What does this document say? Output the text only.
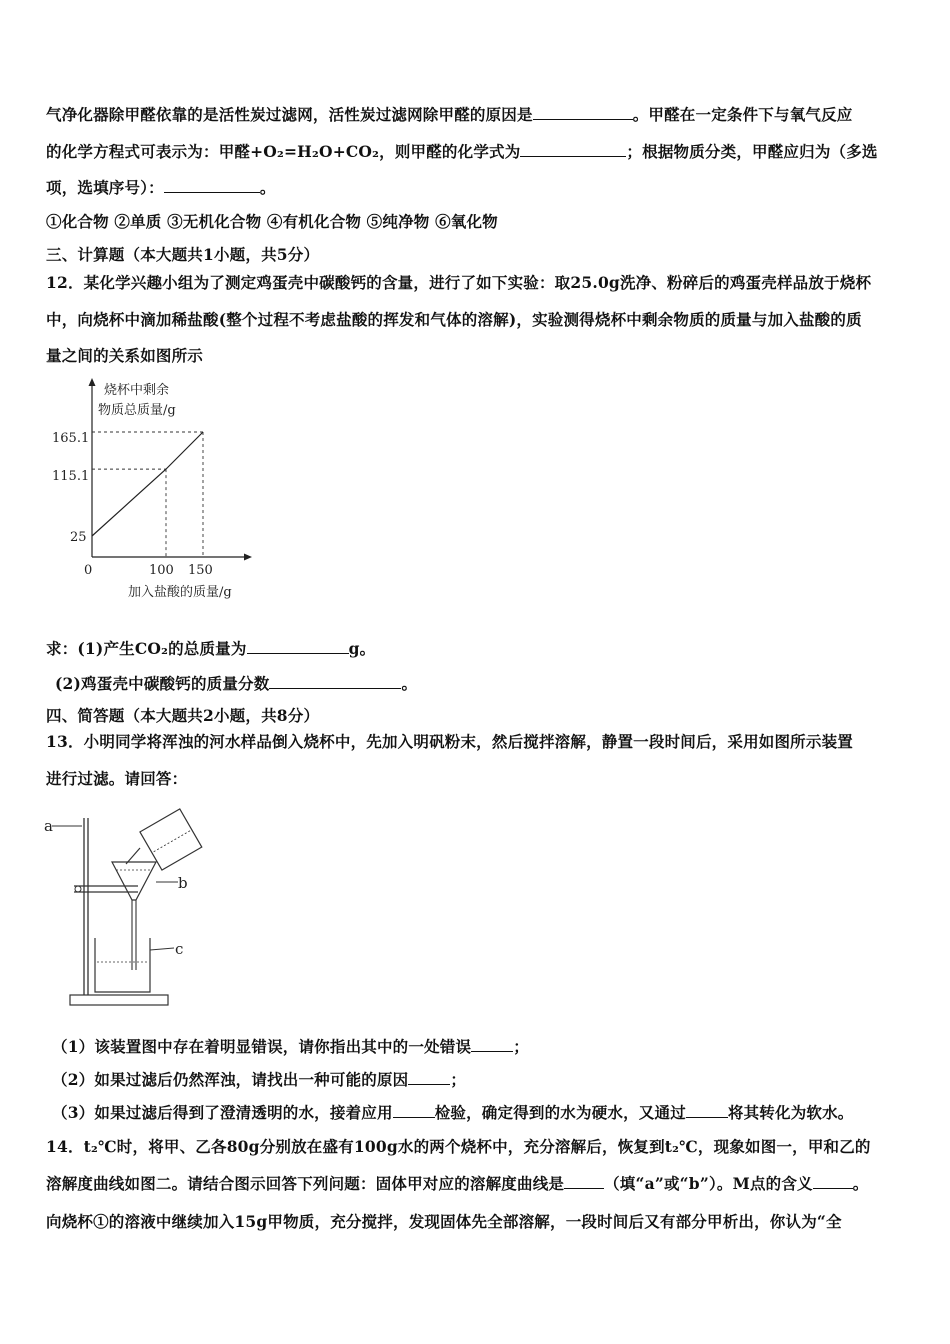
气净化器除甲醛依靠的是活性炭过滤网，活性炭过滤网除甲醛的原因是	。甲醛在一定条件下与氧气反应
的化学方程式可表示为：甲醛+O₂=H₂O+CO₂，则甲醛的化学式为	；根据物质分类，甲醛应归为（多选
项，选填序号）：	。
①化合物 ②单质 ③无机化合物 ④有机化合物 ⑤纯净物 ⑥氧化物
三、计算题（本大题共1小题，共5分）
12．某化学兴趣小组为了测定鸡蛋壳中碳酸钙的含量，进行了如下实验：取25.0g洗净、粉碎后的鸡蛋壳样品放于烧杯
中，向烧杯中滴加稀盐酸(整个过程不考虑盐酸的挥发和气体的溶解)，实验测得烧杯中剩余物质的质量与加入盐酸的质
量之间的关系如图所示
烧杯中剩余
物质总质量/g
165.1
115.1
25
0	100 150
加入盐酸的质量/g
求：(1)产生CO₂的总质量为	g。
(2)鸡蛋壳中碳酸钙的质量分数	。
四、简答题（本大题共2小题，共8分）
13．小明同学将浑浊的河水样品倒入烧杯中，先加入明矾粉末，然后搅拌溶解，静置一段时间后，采用如图所示装置
进行过滤。请回答：
a
b
c
（1）该装置图中存在着明显错误，请你指出其中的一处错误	；
（2）如果过滤后仍然浑浊，请找出一种可能的原因	；
（3）如果过滤后得到了澄清透明的水，接着应用	检验，确定得到的水为硬水，又通过	将其转化为软水。
14．t₂℃时，将甲、乙各80g分别放在盛有100g水的两个烧杯中，充分溶解后，恢复到t₂℃，现象如图一，甲和乙的
溶解度曲线如图二。请结合图示回答下列问题：固体甲对应的溶解度曲线是	（填“a”或“b”）。M点的含义	。
向烧杯①的溶液中继续加入15g甲物质，充分搅拌，发现固体先全部溶解，一段时间后又有部分甲析出，你认为“全
